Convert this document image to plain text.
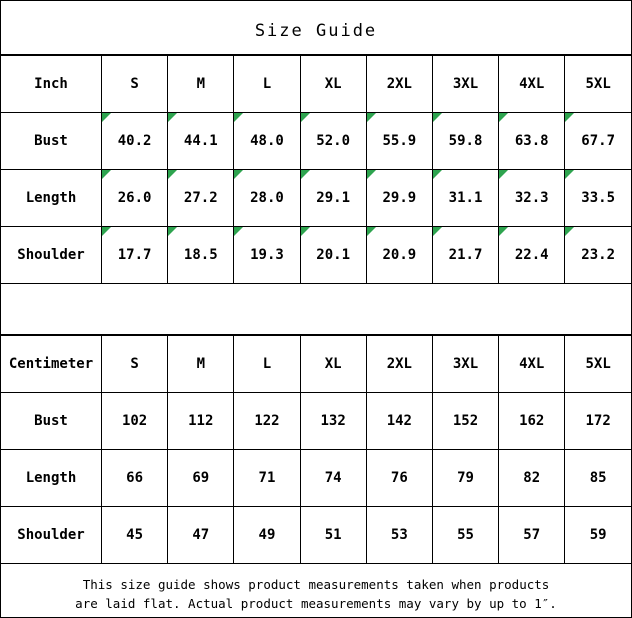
Size Guide
Inch	S	M	L	XL	2XL	3XL	4XL	5XL
Bust	40.2	44.1	48.0	52.0	55.9	59.8	63.8	67.7
Length	26.0	27.2	28.0	29.1	29.9	31.1	32.3	33.5
Shoulder	17.7	18.5	19.3	20.1	20.9	21.7	22.4	23.2
Centimeter	S	M	L	XL	2XL	3XL	4XL	5XL
Bust	102	112	122	132	142	152	162	172
Length	66	69	71	74	76	79	82	85
Shoulder	45	47	49	51	53	55	57	59
This size guide shows product measurements taken when products
are laid flat. Actual product measurements may vary by up to 1″.
